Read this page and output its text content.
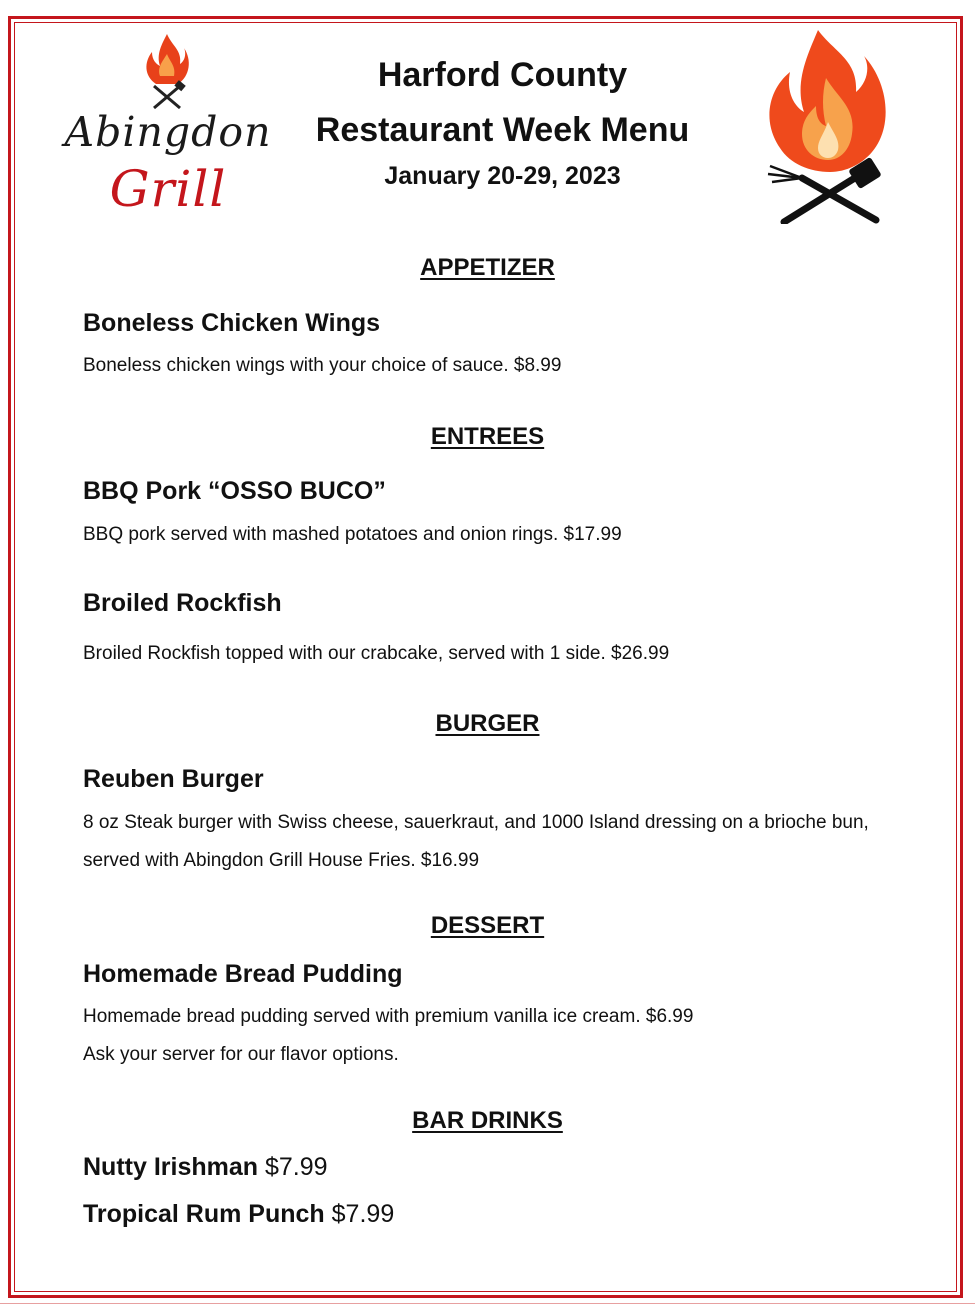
Abingdon
Grill
Harford County
Restaurant Week Menu
January 20-29, 2023
APPETIZER
Boneless Chicken Wings
Boneless chicken wings with your choice of sauce. $8.99
ENTREES
BBQ Pork “OSSO BUCO”
BBQ pork served with mashed potatoes and onion rings. $17.99
Broiled Rockfish
Broiled Rockfish topped with our crabcake, served with 1 side. $26.99
BURGER
Reuben Burger
8 oz Steak burger with Swiss cheese, sauerkraut, and 1000 Island dressing on a brioche bun, served with Abingdon Grill House Fries. $16.99
DESSERT
Homemade Bread Pudding
Homemade bread pudding served with premium vanilla ice cream. $6.99
Ask your server for our flavor options.
BAR DRINKS
Nutty Irishman $7.99
Tropical Rum Punch $7.99
